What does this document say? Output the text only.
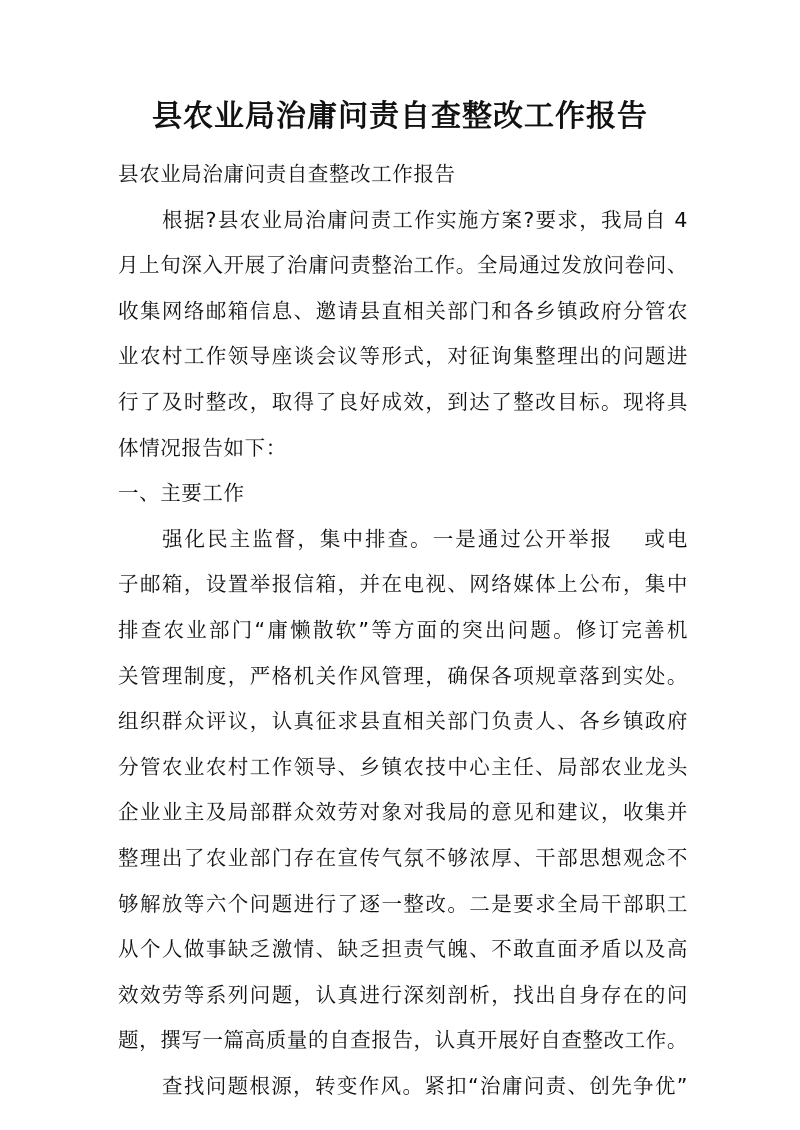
县农业局治庸问责自查整改工作报告
县农业局治庸问责自查整改工作报告
根据?县农业局治庸问责工作实施方案?要求，我局自 4
月上旬深入开展了治庸问责整治工作。全局通过发放问卷问、
收集网络邮箱信息、邀请县直相关部门和各乡镇政府分管农
业农村工作领导座谈会议等形式，对征询集整理出的问题进
行了及时整改，取得了良好成效，到达了整改目标。现将具
体情况报告如下：
一、主要工作
强化民主监督，集中排查。一是通过公开举报　 或电
子邮箱，设置举报信箱，并在电视、网络媒体上公布，集中
排查农业部门“庸懒散软”等方面的突出问题。修订完善机
关管理制度，严格机关作风管理，确保各项规章落到实处。
组织群众评议，认真征求县直相关部门负责人、各乡镇政府
分管农业农村工作领导、乡镇农技中心主任、局部农业龙头
企业业主及局部群众效劳对象对我局的意见和建议，收集并
整理出了农业部门存在宣传气氛不够浓厚、干部思想观念不
够解放等六个问题进行了逐一整改。二是要求全局干部职工
从个人做事缺乏激情、缺乏担责气魄、不敢直面矛盾以及高
效效劳等系列问题，认真进行深刻剖析，找出自身存在的问
题，撰写一篇高质量的自查报告，认真开展好自查整改工作。
查找问题根源，转变作风。紧扣“治庸问责、创先争优”
